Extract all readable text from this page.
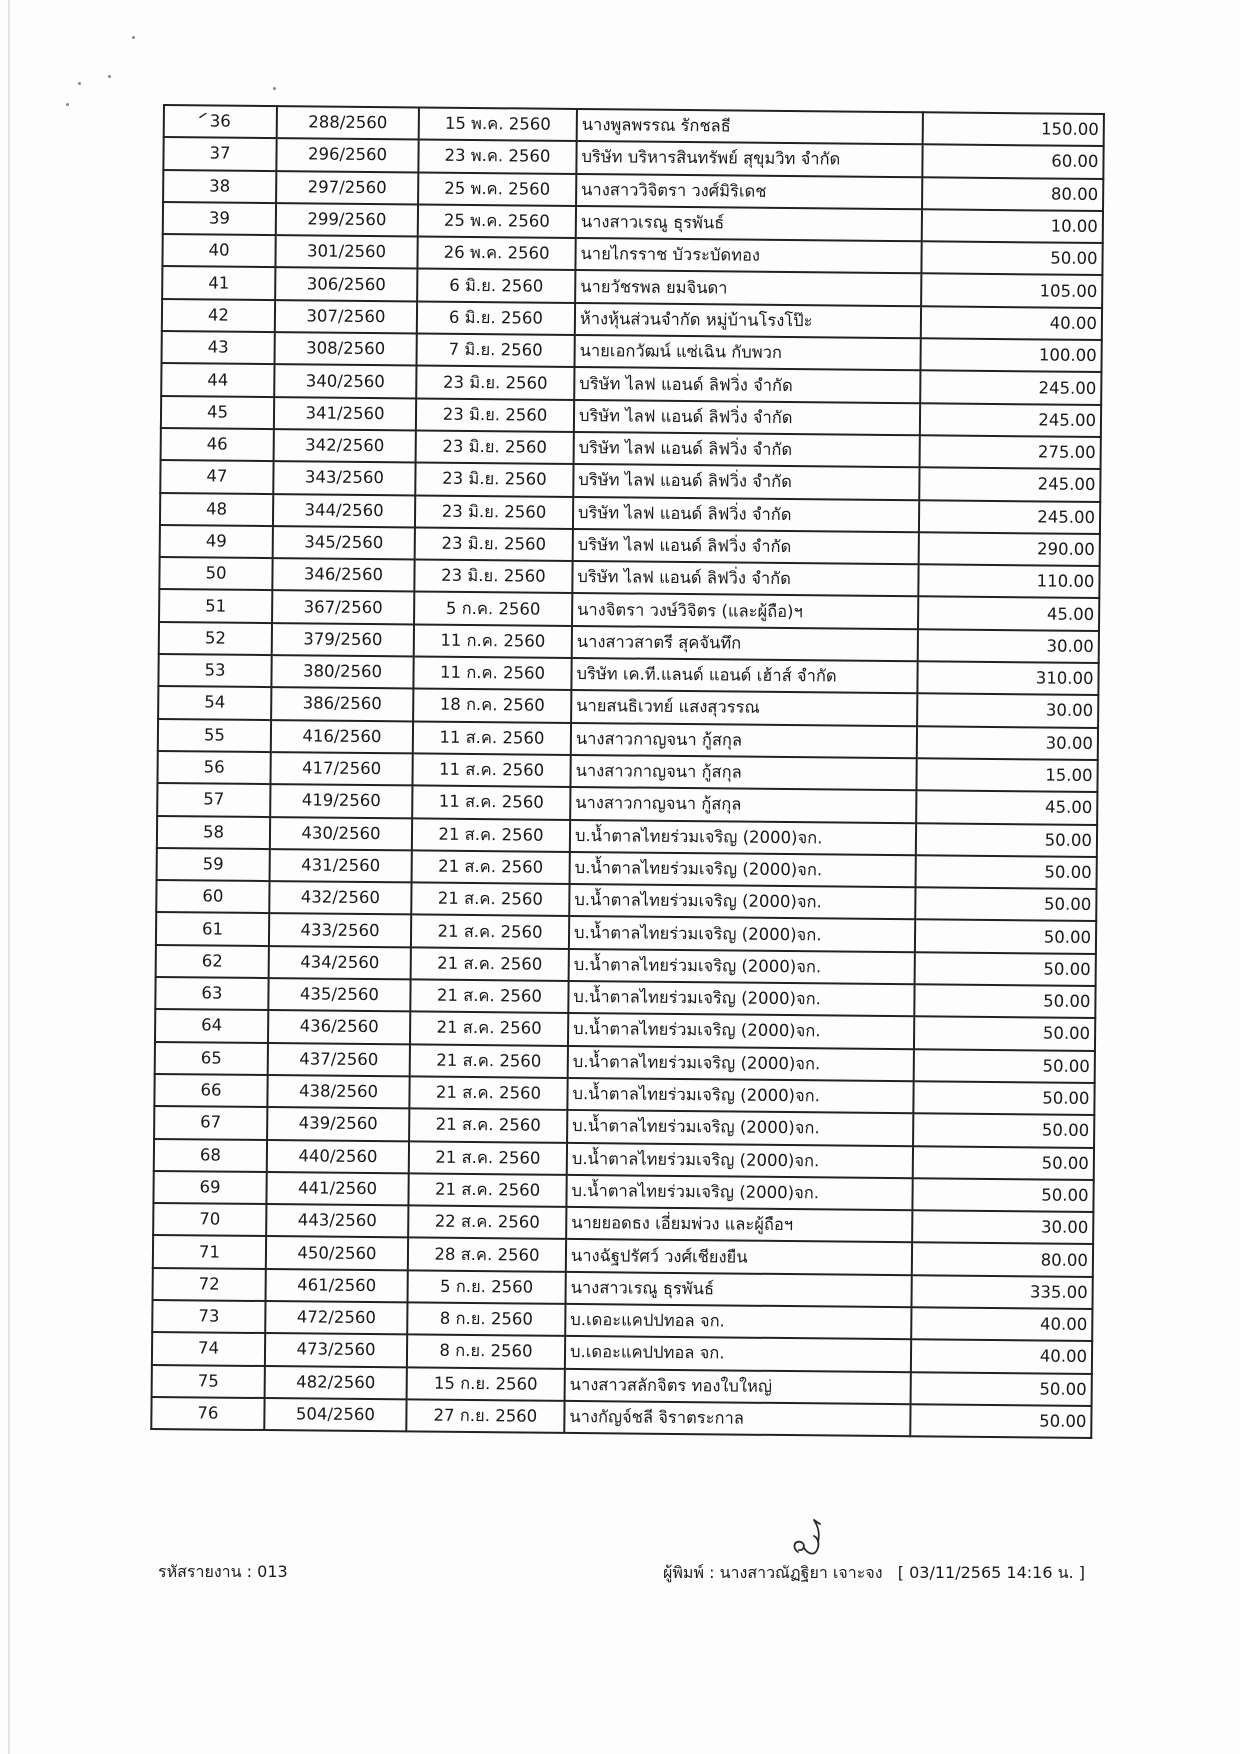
36	288/2560	15 พ.ค. 2560	นางพูลพรรณ รักชลธี	150.00
37	296/2560	23 พ.ค. 2560	บริษัท บริหารสินทรัพย์ สุขุมวิท จำกัด	60.00
38	297/2560	25 พ.ค. 2560	นางสาววิจิตรา วงศ์มิริเดช	80.00
39	299/2560	25 พ.ค. 2560	นางสาวเรณู ธุรพันธ์	10.00
40	301/2560	26 พ.ค. 2560	นายไกรราช บัวระบัดทอง	50.00
41	306/2560	6 มิ.ย. 2560	นายวัชรพล ยมจินดา	105.00
42	307/2560	6 มิ.ย. 2560	ห้างหุ้นส่วนจำกัด หมู่บ้านโรงโป๊ะ	40.00
43	308/2560	7 มิ.ย. 2560	นายเอกวัฒน์ แซ่เฉิน กับพวก	100.00
44	340/2560	23 มิ.ย. 2560	บริษัท ไลฟ แอนด์ ลิฟวิ่ง จำกัด	245.00
45	341/2560	23 มิ.ย. 2560	บริษัท ไลฟ แอนด์ ลิฟวิ่ง จำกัด	245.00
46	342/2560	23 มิ.ย. 2560	บริษัท ไลฟ แอนด์ ลิฟวิ่ง จำกัด	275.00
47	343/2560	23 มิ.ย. 2560	บริษัท ไลฟ แอนด์ ลิฟวิ่ง จำกัด	245.00
48	344/2560	23 มิ.ย. 2560	บริษัท ไลฟ แอนด์ ลิฟวิ่ง จำกัด	245.00
49	345/2560	23 มิ.ย. 2560	บริษัท ไลฟ แอนด์ ลิฟวิ่ง จำกัด	290.00
50	346/2560	23 มิ.ย. 2560	บริษัท ไลฟ แอนด์ ลิฟวิ่ง จำกัด	110.00
51	367/2560	5 ก.ค. 2560	นางจิตรา วงษ์วิจิตร (และผู้ถือ)ฯ	45.00
52	379/2560	11 ก.ค. 2560	นางสาวสาตรี สุคจันทึก	30.00
53	380/2560	11 ก.ค. 2560	บริษัท เค.ที.แลนด์ แอนด์ เฮ้าส์ จำกัด	310.00
54	386/2560	18 ก.ค. 2560	นายสนธิเวทย์ แสงสุวรรณ	30.00
55	416/2560	11 ส.ค. 2560	นางสาวกาญจนา กู้สกุล	30.00
56	417/2560	11 ส.ค. 2560	นางสาวกาญจนา กู้สกุล	15.00
57	419/2560	11 ส.ค. 2560	นางสาวกาญจนา กู้สกุล	45.00
58	430/2560	21 ส.ค. 2560	บ.น้ำตาลไทยร่วมเจริญ (2000)จก.	50.00
59	431/2560	21 ส.ค. 2560	บ.น้ำตาลไทยร่วมเจริญ (2000)จก.	50.00
60	432/2560	21 ส.ค. 2560	บ.น้ำตาลไทยร่วมเจริญ (2000)จก.	50.00
61	433/2560	21 ส.ค. 2560	บ.น้ำตาลไทยร่วมเจริญ (2000)จก.	50.00
62	434/2560	21 ส.ค. 2560	บ.น้ำตาลไทยร่วมเจริญ (2000)จก.	50.00
63	435/2560	21 ส.ค. 2560	บ.น้ำตาลไทยร่วมเจริญ (2000)จก.	50.00
64	436/2560	21 ส.ค. 2560	บ.น้ำตาลไทยร่วมเจริญ (2000)จก.	50.00
65	437/2560	21 ส.ค. 2560	บ.น้ำตาลไทยร่วมเจริญ (2000)จก.	50.00
66	438/2560	21 ส.ค. 2560	บ.น้ำตาลไทยร่วมเจริญ (2000)จก.	50.00
67	439/2560	21 ส.ค. 2560	บ.น้ำตาลไทยร่วมเจริญ (2000)จก.	50.00
68	440/2560	21 ส.ค. 2560	บ.น้ำตาลไทยร่วมเจริญ (2000)จก.	50.00
69	441/2560	21 ส.ค. 2560	บ.น้ำตาลไทยร่วมเจริญ (2000)จก.	50.00
70	443/2560	22 ส.ค. 2560	นายยอดธง เอี่ยมพ่วง และผู้ถือฯ	30.00
71	450/2560	28 ส.ค. 2560	นางฉัฐปรัศว์ วงศ์เชียงยืน	80.00
72	461/2560	5 ก.ย. 2560	นางสาวเรณู ธุรพันธ์	335.00
73	472/2560	8 ก.ย. 2560	บ.เดอะแคปปทอล จก.	40.00
74	473/2560	8 ก.ย. 2560	บ.เดอะแคปปทอล จก.	40.00
75	482/2560	15 ก.ย. 2560	นางสาวสลักจิตร ทองใบใหญ่	50.00
76	504/2560	27 ก.ย. 2560	นางกัญจ์ชลี จิราตระกาล	50.00
รหัสรายงาน : 013	ผู้พิมพ์ : นางสาวณัฏฐิยา เจาะจง   [ 03/11/2565 14:16 น. ]
